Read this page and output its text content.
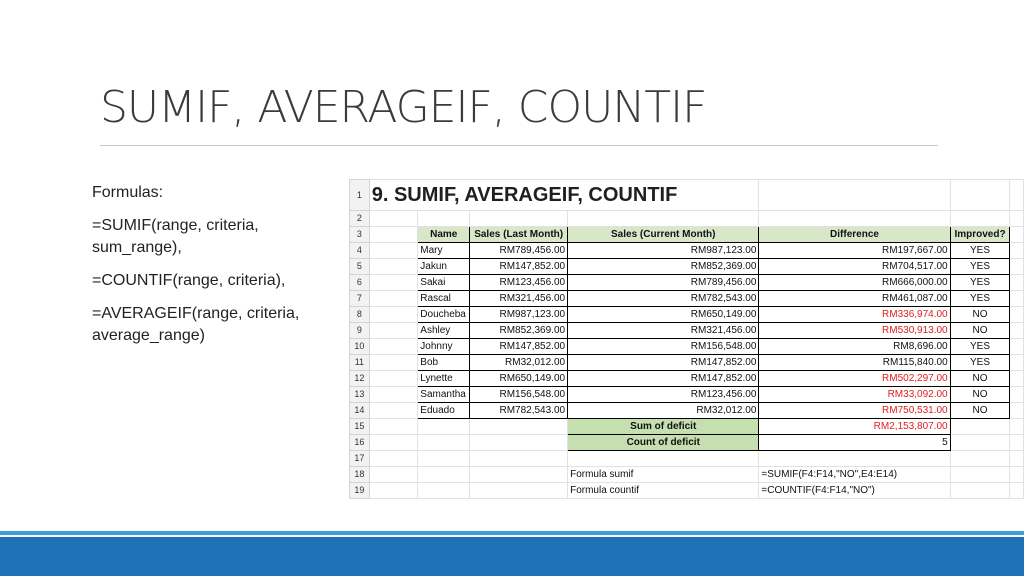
SUMIF, AVERAGEIF, COUNTIF

Formulas:

=SUMIF(range, criteria, sum_range),

=COUNTIF(range, criteria),

=AVERAGEIF(range, criteria, average_range)

1	9. SUMIF, AVERAGEIF, COUNTIF						
2							
3		Name	Sales (Last Month)	Sales (Current Month)	Difference	Improved?	
4		Mary	RM789,456.00	RM987,123.00	RM197,667.00	YES	
5		Jakun	RM147,852.00	RM852,369.00	RM704,517.00	YES	
6		Sakai	RM123,456.00	RM789,456.00	RM666,000.00	YES	
7		Rascal	RM321,456.00	RM782,543.00	RM461,087.00	YES	
8		Doucheba	RM987,123.00	RM650,149.00	RM336,974.00	NO	
9		Ashley	RM852,369.00	RM321,456.00	RM530,913.00	NO	
10		Johnny	RM147,852.00	RM156,548.00	RM8,696.00	YES	
11		Bob	RM32,012.00	RM147,852.00	RM115,840.00	YES	
12		Lynette	RM650,149.00	RM147,852.00	RM502,297.00	NO	
13		Samantha	RM156,548.00	RM123,456.00	RM33,092.00	NO	
14		Eduado	RM782,543.00	RM32,012.00	RM750,531.00	NO	
15				Sum of deficit	RM2,153,807.00		
16				Count of deficit	5		
17							
18				Formula sumif	=SUMIF(F4:F14,"NO",E4:E14)		
19				Formula countif	=COUNTIF(F4:F14,"NO")		
